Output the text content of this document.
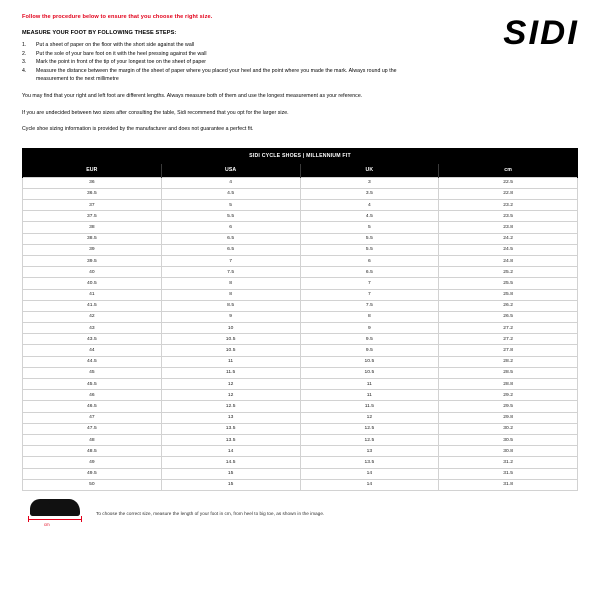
Follow the procedure below to ensure that you choose the right size.

MEASURE YOUR FOOT BY FOLLOWING THESE STEPS:

1.	Put a sheet of paper on the floor with the short side against the wall
2.	Put the sole of your bare foot on it with the heel pressing against the wall
3.	Mark the point in front of the tip of your longest toe on the sheet of paper
4.	Measure the distance between the margin of the sheet of paper where you placed your heel and the point where you made the mark. Always round up the measurement to the next millimetre
SIDI

You may find that your right and left foot are different lengths. Always measure both of them and use the longest measurement as your reference.

If you are undecided between two sizes after consulting the table, Sidi recommend that you opt for the larger size.

Cycle shoe sizing information is provided by the manufacturer and does not guarantee a perfect fit.

SIDI CYCLE SHOES | MILLENNIUM FIT
EUR	USA	UK	cm
36	4	3	22.5
36.5	4.5	3.5	22.8
37	5	4	23.2
37.5	5.5	4.5	23.5
38	6	5	23.8
38.5	6.5	5.5	24.2
39	6.5	5.5	24.5
39.5	7	6	24.8
40	7.5	6.5	25.2
40.5	8	7	25.5
41	8	7	25.8
41.5	8.5	7.5	26.2
42	9	8	26.5
43	10	9	27.2
43.5	10.5	9.5	27.2
44	10.5	9.5	27.8
44.5	11	10.5	28.2
45	11.5	10.5	28.5
45.5	12	11	28.8
46	12	11	29.2
46.5	12.5	11.5	29.5
47	13	12	29.8
47.5	13.5	12.5	30.2
48	13.5	12.5	30.5
48.5	14	13	30.8
49	14.5	13.5	31.2
49.5	15	14	31.5
50	15	14	31.8
cm
To choose the correct size, measure the length of your foot in cm, from heel to big toe, as shown in the image.
